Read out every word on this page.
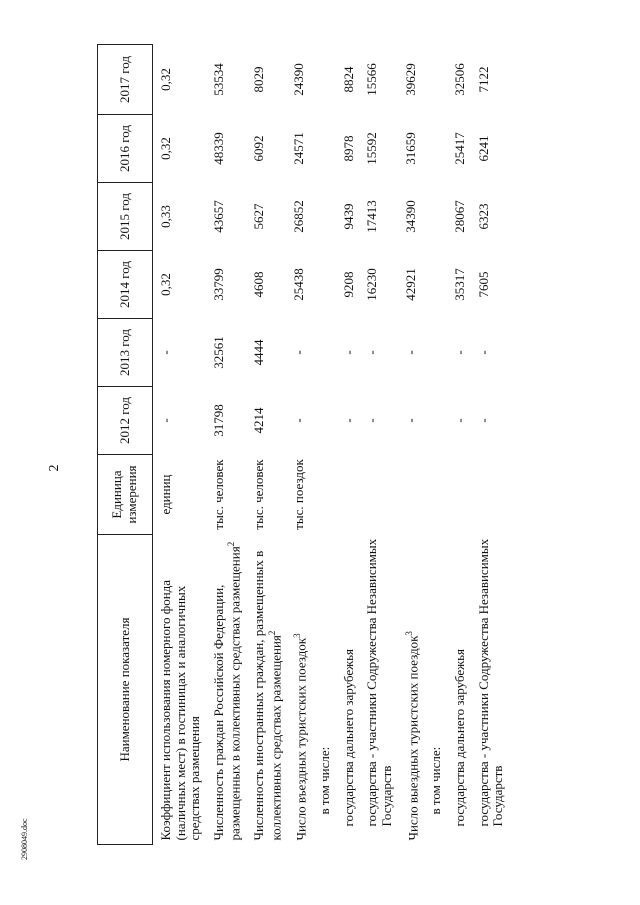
2
Наименование показателя	Единица измерения	2012 год	2013 год	2014 год	2015 год	2016 год	2017 год
Коэффициент использования номерного фонда (наличных мест) в гостиницах и аналогичных средствах размещения	единиц	-	-	0,32	0,33	0,32	0,32
Численность граждан Российской Федерации, размещенных в коллективных средствах размещения$^2$	тыс. человек	31798	32561	33799	43657	48339	53534
Численность иностранных граждан, размещенных в коллективных средствах размещения$^2$	тыс. человек	4214	4444	4608	5627	6092	8029
Число въездных туристских поездок$^3$	тыс. поездок	-	-	25438	26852	24571	24390
в том числе:							
государства дальнего зарубежья		-	-	9208	9439	8978	8824
государства - участники Содружества Независимых Государств		-	-	16230	17413	15592	15566
Число выездных туристских поездок$^3$		-	-	42921	34390	31659	39629
в том числе:							
государства дальнего зарубежья		-	-	35317	28067	25417	32506
государства - участники Содружества Независимых Государств		-	-	7605	6323	6241	7122
2908049.doc
